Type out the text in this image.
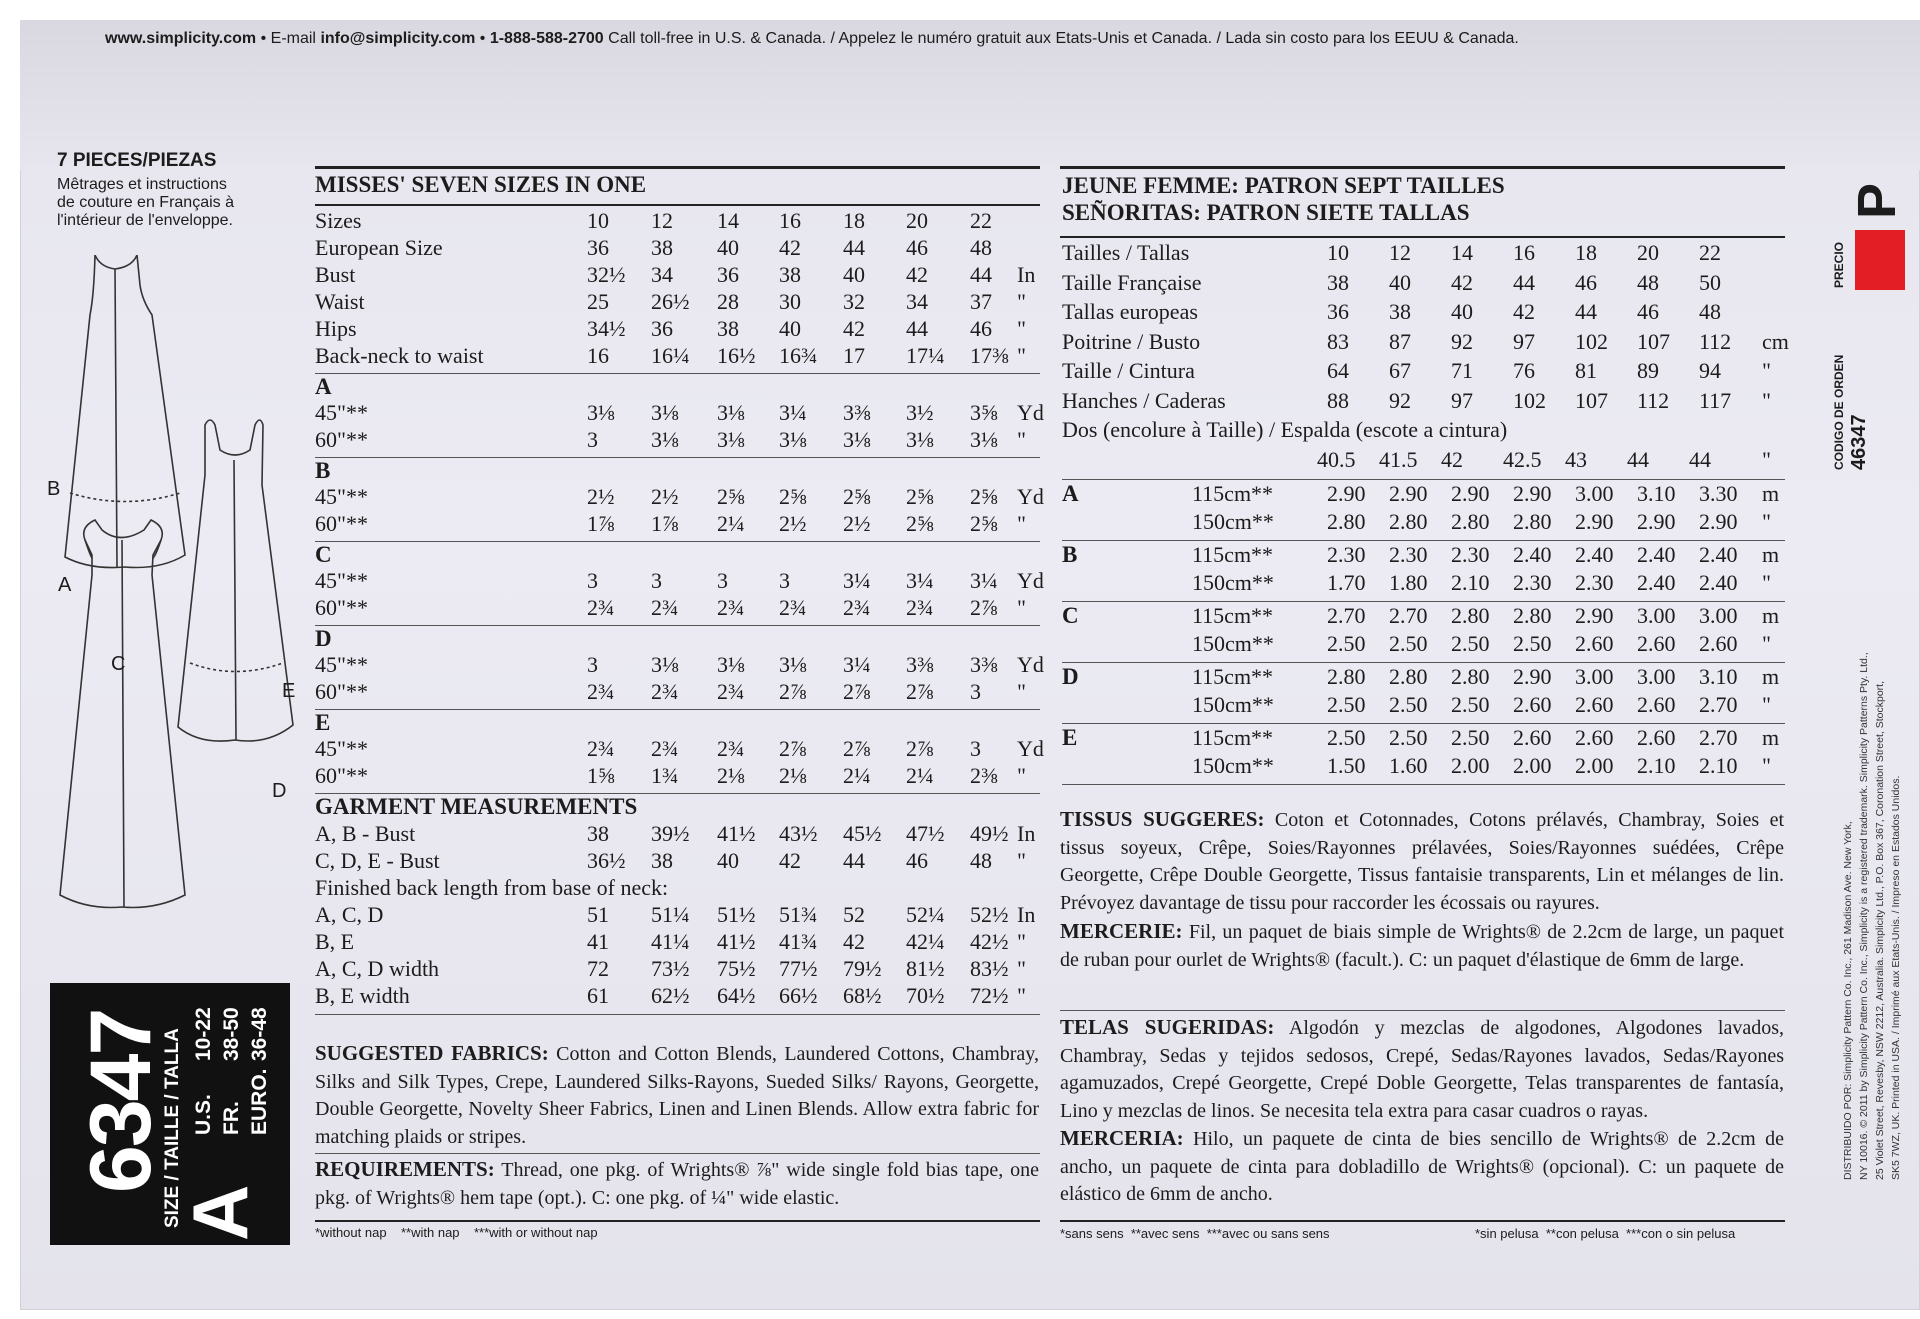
www.simplicity.com • E-mail info@simplicity.com • 1-888-588-2700 Call toll-free in U.S. & Canada. / Appelez le numéro gratuit aux Etats-Unis et Canada. / Lada sin costo para los EEUU & Canada.
7 PIECES/PIEZAS
Mêtrages et instructions
de couture en Français à
l'intérieur de l'enveloppe.
B
A
C
E
D
6347
SIZE / TAILLE / TALLA
A
U.S.
10-22
FR.
38-50
EURO.
36-48
MISSES' SEVEN SIZES IN ONE
Sizes	10 12 14 16 18 20 22
European Size	36 38 40 42 44 46 48
Bust	32½ 34 36 38 40 42 44 In
Waist	25 26½ 28 30 32 34 37 "
Hips	34½ 36 38 40 42 44 46 "
Back-neck to waist	16 16¼ 16½ 16¾ 17 17¼ 17⅜ "
A
45"**	3⅛ 3⅛ 3⅛ 3¼ 3⅜ 3½ 3⅝ Yd
60"**	3 3⅛ 3⅛ 3⅛ 3⅛ 3⅛ 3⅛ "
B
45"**	2½ 2½ 2⅝ 2⅝ 2⅝ 2⅝ 2⅝ Yd
60"**	1⅞ 1⅞ 2¼ 2½ 2½ 2⅝ 2⅝ "
C
45"**	3 3	3 3 3¼ 3¼ 3¼ Yd
60"**	2¾ 2¾ 2¾ 2¾ 2¾ 2¾ 2⅞ "
D
45"**	3 3⅛ 3⅛ 3⅛ 3¼ 3⅜ 3⅜ Yd
60"**	2¾ 2¾ 2¾ 2⅞ 2⅞ 2⅞ 3 "
E
45"**	2¾ 2¾ 2¾ 2⅞ 2⅞ 2⅞ 3 Yd
60"**	1⅝ 1¾ 2⅛ 2⅛ 2¼ 2¼ 2⅜ "
GARMENT MEASUREMENTS
A, B - Bust	38 39½ 41½ 43½ 45½ 47½ 49½ In
C, D, E - Bust	36½ 38 40 42 44 46 48 "
Finished back length from base of neck:
A, C, D	51 51¼ 51½ 51¾ 52 52¼ 52½ In
B, E	41 41¼ 41½ 41¾ 42 42¼ 42½ "
A, C, D width	72 73½ 75½ 77½ 79½ 81½ 83½ "
B, E width	61 62½ 64½ 66½ 68½ 70½ 72½ "
SUGGESTED FABRICS: Cotton and Cotton Blends, Laundered Cottons, Chambray, Silks and Silk Types, Crepe, Laundered Silks-Rayons, Sueded Silks/ Rayons, Georgette, Double Georgette, Novelty Sheer Fabrics, Linen and Linen Blends. Allow extra fabric for matching plaids or stripes.
REQUIREMENTS: Thread, one pkg. of Wrights® ⅞" wide single fold bias tape, one pkg. of Wrights® hem tape (opt.). C: one pkg. of ¼" wide elastic.
*without nap    **with nap    ***with or without nap
JEUNE FEMME: PATRON SEPT TAILLES
SEÑORITAS: PATRON SIETE TALLAS
Tailles / Tallas	10 12 14 16 18 20 22
Taille Française	38 40 42 44 46 48 50
Tallas europeas	36 38 40 42 44 46 48
Poitrine / Busto	83 87 92 97 102 107 112 cm
Taille / Cintura	64 67 71 76 81 89 94 "
Hanches / Caderas	88 92 97 102 107 112 117 "
Dos (encolure à Taille) / Espalda (escote a cintura)
40.5 41.5 42 42.5 43 44 44 "
A	115cm** 2.90 2.90 2.90 2.90 3.00 3.10 3.30 m
150cm** 2.80 2.80 2.80 2.80 2.90 2.90 2.90 "
B	115cm** 2.30 2.30 2.30 2.40 2.40 2.40 2.40 m
150cm** 1.70 1.80 2.10 2.30 2.30 2.40 2.40 "
C	115cm** 2.70 2.70 2.80 2.80 2.90 3.00 3.00 m
150cm** 2.50 2.50 2.50 2.50 2.60 2.60 2.60 "
D	115cm** 2.80 2.80 2.80 2.90 3.00 3.00 3.10 m
150cm** 2.50 2.50 2.50 2.60 2.60 2.60 2.70 "
E	115cm** 2.50 2.50 2.50 2.60 2.60 2.60 2.70 m
150cm** 1.50 1.60 2.00 2.00 2.00 2.10 2.10 "
TISSUS SUGGERES: Coton et Cotonnades, Cotons prélavés, Chambray, Soies et tissus soyeux, Crêpe, Soies/Rayonnes prélavées, Soies/Rayonnes suédées, Crêpe Georgette, Crêpe Double Georgette, Tissus fantaisie transparents, Lin et mélanges de lin. Prévoyez davantage de tissu pour raccorder les écossais ou rayures.
MERCERIE: Fil, un paquet de biais simple de Wrights® de 2.2cm de large, un paquet de ruban pour ourlet de Wrights® (facult.). C: un paquet d'élastique de 6mm de large.
TELAS SUGERIDAS: Algodón y mezclas de algodones, Algodones lavados, Chambray, Sedas y tejidos sedosos, Crepé, Sedas/Rayones lavados, Sedas/Rayones agamuzados, Crepé Georgette, Crepé Doble Georgette, Telas transparentes de fantasía, Lino y mezclas de linos. Se necesita tela extra para casar cuadros o rayas.
MERCERIA: Hilo, un paquete de cinta de bies sencillo de Wrights® de 2.2cm de ancho, un paquete de cinta para dobladillo de Wrights® (opcional). C: un paquete de elástico de 6mm de ancho.
*sans sens  **avec sens  ***avec ou sans sens	*sin pelusa  **con pelusa  ***con o sin pelusa
P
PRECIO
CODIGO DE ORDEN 46347
DISTRIBUIDO POR: Simplicity Pattern Co. Inc., 261 Madison Ave. New York, NY 10016. © 2011 by Simplicity Pattern Co. Inc., Simplicity is a registered trademark. Simplicity Patterns Pty. Ltd., 25 Violet Street, Revesby, NSW 2212, Australia. Simplicity Ltd., P.O. Box 367, Coronation Street, Stockport, SK5 7WZ, UK. Printed in USA. / Imprimé aux Etats-Unis. / Impreso en Estados Unidos.
